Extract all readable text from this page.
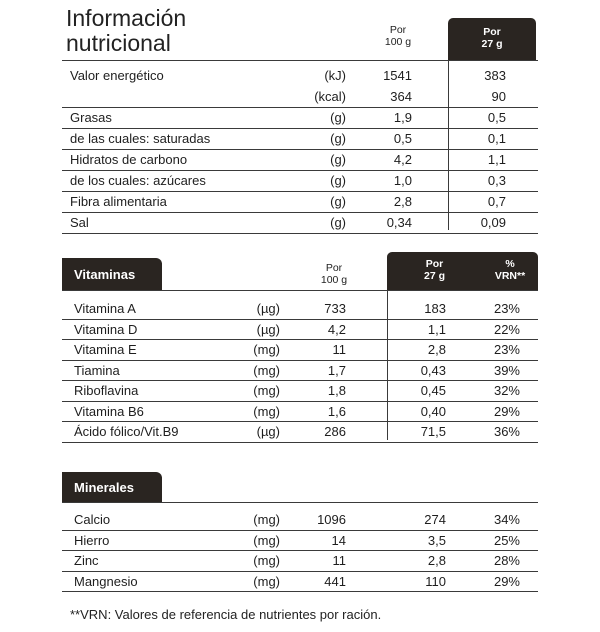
Información
nutricional	Por
100 g
Por
27 g
Valor energético	(kJ)	1541	383
(kcal)	364	90
Grasas	(g)	1,9	0,5
de las cuales: saturadas	(g)	0,5	0,1
Hidratos de carbono	(g)	4,2	1,1
de los cuales: azúcares	(g)	1,0	0,3
Fibra alimentaria	(g)	2,8	0,7
Sal	(g)	0,34	0,09
Vitaminas	Por
100 g
Por
27 g
%
VRN**
Vitamina A	(µg)	733	183	23%
Vitamina D	(µg)	4,2	1,1	22%
Vitamina E	(mg)	11	2,8	23%
Tiamina	(mg)	1,7	0,43	39%
Riboflavina	(mg)	1,8	0,45	32%
Vitamina B6	(mg)	1,6	0,40	29%
Ácido fólico/Vit.B9	(µg)	286	71,5	36%
Minerales
Calcio	(mg)	1096	274	34%
Hierro	(mg)	14	3,5	25%
Zinc	(mg)	11	2,8	28%
Mangnesio	(mg)	441	110	29%
**VRN: Valores de referencia de nutrientes por ración.
